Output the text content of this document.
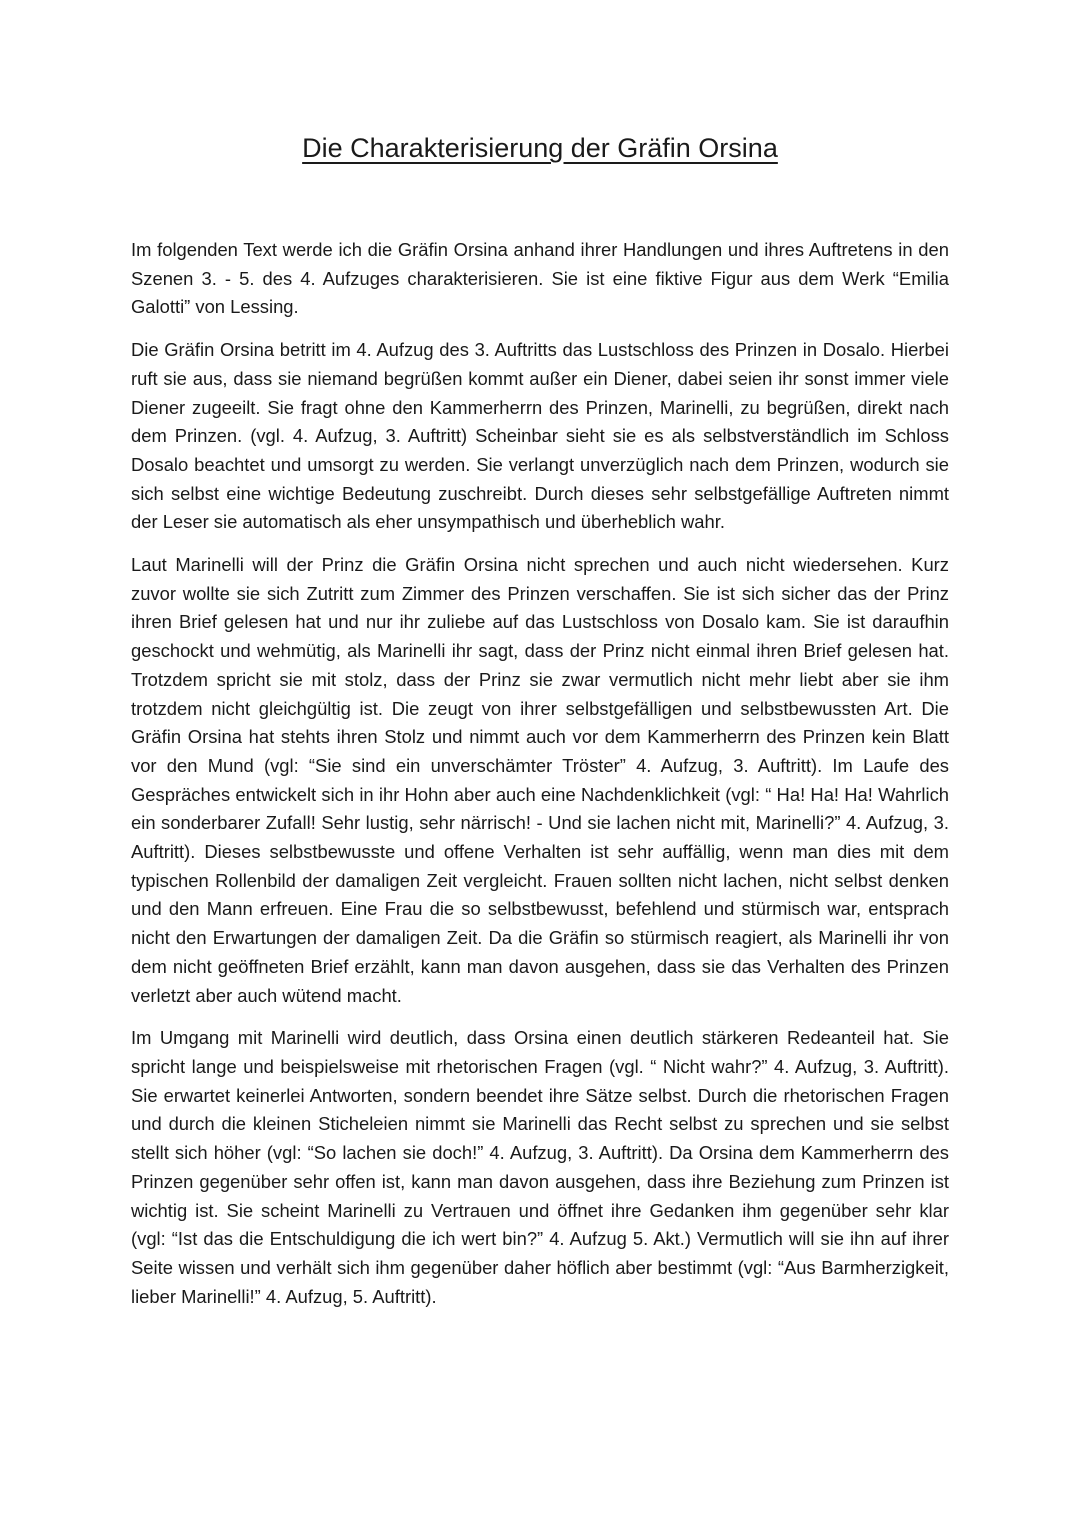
Die Charakterisierung der Gräfin Orsina

Im folgenden Text werde ich die Gräfin Orsina anhand ihrer Handlungen und ihres Auftretens in den Szenen 3. - 5. des 4. Aufzuges charakterisieren. Sie ist eine fiktive Figur aus dem Werk “Emilia Galotti” von Lessing.

Die Gräfin Orsina betritt im 4. Aufzug des 3. Auftritts das Lustschloss des Prinzen in Dosalo. Hierbei ruft sie aus, dass sie niemand begrüßen kommt außer ein Diener, dabei seien ihr sonst immer viele Diener zugeeilt. Sie fragt ohne den Kammerherrn des Prinzen, Marinelli, zu begrüßen, direkt nach dem Prinzen. (vgl. 4. Aufzug, 3. Auftritt) Scheinbar sieht sie es als selbstverständlich im Schloss Dosalo beachtet und umsorgt zu werden. Sie verlangt unverzüglich nach dem Prinzen, wodurch sie sich selbst eine wichtige Bedeutung zuschreibt. Durch dieses sehr selbstgefällige Auftreten nimmt der Leser sie automatisch als eher unsympathisch und überheblich wahr.

Laut Marinelli will der Prinz die Gräfin Orsina nicht sprechen und auch nicht wiedersehen. Kurz zuvor wollte sie sich Zutritt zum Zimmer des Prinzen verschaffen. Sie ist sich sicher das der Prinz ihren Brief gelesen hat und nur ihr zuliebe auf das Lustschloss von Dosalo kam. Sie ist daraufhin geschockt und wehmütig, als Marinelli ihr sagt, dass der Prinz nicht einmal ihren Brief gelesen hat. Trotzdem spricht sie mit stolz, dass der Prinz sie zwar vermutlich nicht mehr liebt aber sie ihm trotzdem nicht gleichgültig ist. Die zeugt von ihrer selbstgefälligen und selbstbewussten Art. Die Gräfin Orsina hat stehts ihren Stolz und nimmt auch vor dem Kammerherrn des Prinzen kein Blatt vor den Mund (vgl: “Sie sind ein unverschämter Tröster” 4. Aufzug, 3. Auftritt). Im Laufe des Gespräches entwickelt sich in ihr Hohn aber auch eine Nachdenklichkeit (vgl: “ Ha! Ha! Ha! Wahrlich ein sonderbarer Zufall! Sehr lustig, sehr närrisch! - Und sie lachen nicht mit, Marinelli?” 4. Aufzug, 3. Auftritt). Dieses selbstbewusste und offene Verhalten ist sehr auffällig, wenn man dies mit dem typischen Rollenbild der damaligen Zeit vergleicht. Frauen sollten nicht lachen, nicht selbst denken und den Mann erfreuen. Eine Frau die so selbstbewusst, befehlend und stürmisch war, entsprach nicht den Erwartungen der damaligen Zeit. Da die Gräfin so stürmisch reagiert, als Marinelli ihr von dem nicht geöffneten Brief erzählt, kann man davon ausgehen, dass sie das Verhalten des Prinzen verletzt aber auch wütend macht.

Im Umgang mit Marinelli wird deutlich, dass Orsina einen deutlich stärkeren Redeanteil hat. Sie spricht lange und beispielsweise mit rhetorischen Fragen (vgl. “ Nicht wahr?” 4. Aufzug, 3. Auftritt). Sie erwartet keinerlei Antworten, sondern beendet ihre Sätze selbst. Durch die rhetorischen Fragen und durch die kleinen Sticheleien nimmt sie Marinelli das Recht selbst zu sprechen und sie selbst stellt sich höher (vgl: “So lachen sie doch!” 4. Aufzug, 3. Auftritt). Da Orsina dem Kammerherrn des Prinzen gegenüber sehr offen ist, kann man davon ausgehen, dass ihre Beziehung zum Prinzen ist wichtig ist. Sie scheint Marinelli zu Vertrauen und öffnet ihre Gedanken ihm gegenüber sehr klar (vgl: “Ist das die Entschuldigung die ich wert bin?” 4. Aufzug 5. Akt.) Vermutlich will sie ihn auf ihrer Seite wissen und verhält sich ihm gegenüber daher höflich aber bestimmt (vgl: “Aus Barmherzigkeit, lieber Marinelli!” 4. Aufzug, 5. Auftritt).
